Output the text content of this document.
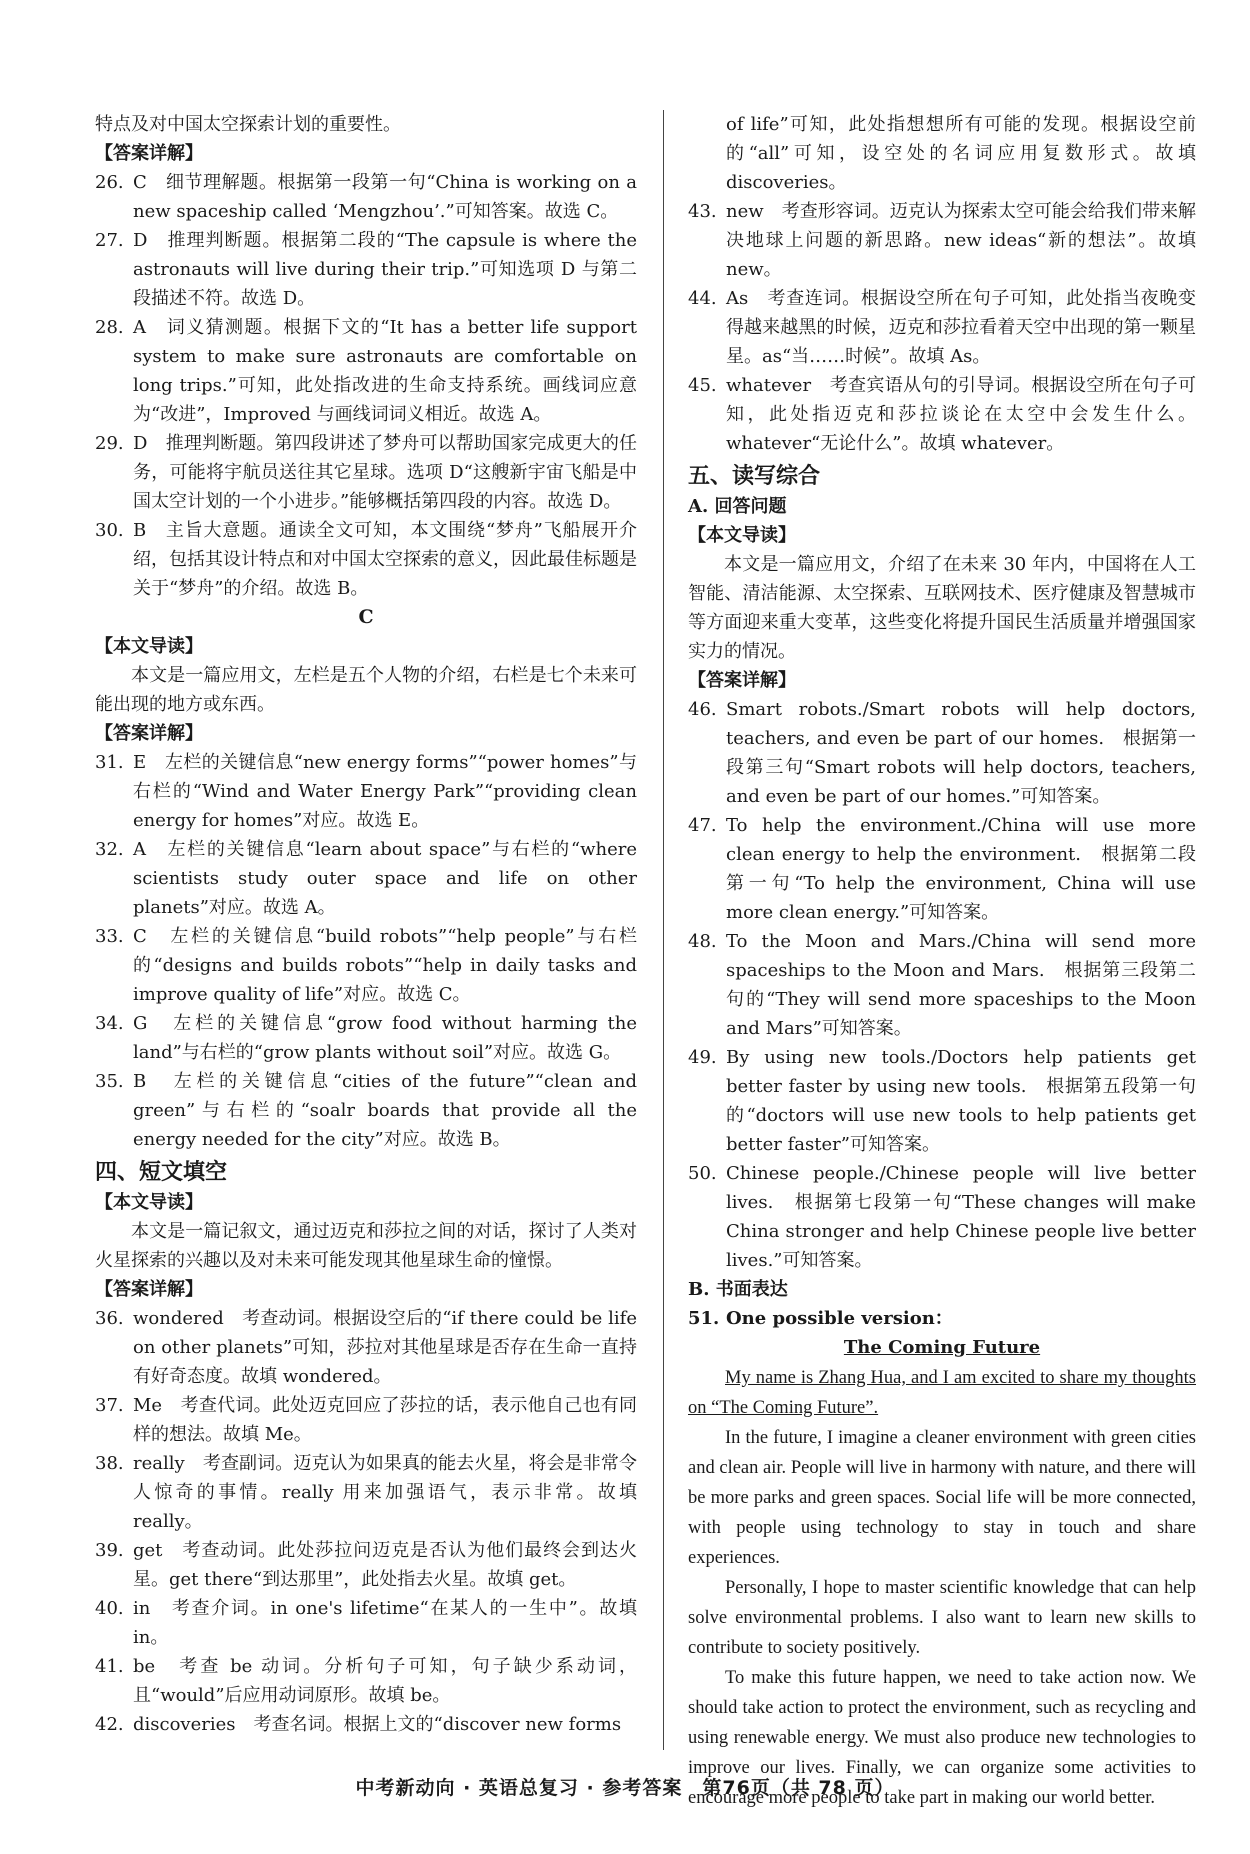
特点及对中国太空探索计划的重要性。

【答案详解】

26. C　细节理解题。根据第一段第一句“China is working on a new spaceship called ‘Mengzhou’.”可知答案。故选 C。
27. D　推理判断题。根据第二段的“The capsule is where the astronauts will live during their trip.”可知选项 D 与第二段描述不符。故选 D。
28. A　词义猜测题。根据下文的“It has a better life support system to make sure astronauts are comfortable on long trips.”可知，此处指改进的生命支持系统。画线词应意为“改进”，Improved 与画线词词义相近。故选 A。
29. D　推理判断题。第四段讲述了梦舟可以帮助国家完成更大的任务，可能将宇航员送往其它星球。选项 D“这艘新宇宙飞船是中国太空计划的一个小进步。”能够概括第四段的内容。故选 D。
30. B　主旨大意题。通读全文可知，本文围绕“梦舟”飞船展开介绍，包括其设计特点和对中国太空探索的意义，因此最佳标题是关于“梦舟”的介绍。故选 B。

C

【本文导读】

本文是一篇应用文，左栏是五个人物的介绍，右栏是七个未来可能出现的地方或东西。

【答案详解】

31. E　左栏的关键信息“new energy forms”“power homes”与右栏的“Wind and Water Energy Park”“providing clean energy for homes”对应。故选 E。
32. A　左栏的关键信息“learn about space”与右栏的“where scientists study outer space and life on other planets”对应。故选 A。
33. C　左栏的关键信息“build robots”“help people”与右栏的“designs and builds robots”“help in daily tasks and improve quality of life”对应。故选 C。
34. G　左栏的关键信息“grow food without harming the land”与右栏的“grow plants without soil”对应。故选 G。
35. B　左栏的关键信息“cities of the future”“clean and green”与右栏的“soalr boards that provide all the energy needed for the city”对应。故选 B。

四、短文填空

【本文导读】

本文是一篇记叙文，通过迈克和莎拉之间的对话，探讨了人类对火星探索的兴趣以及对未来可能发现其他星球生命的憧憬。

【答案详解】

36. wondered　考查动词。根据设空后的“if there could be life on other planets”可知，莎拉对其他星球是否存在生命一直持有好奇态度。故填 wondered。
37. Me　考查代词。此处迈克回应了莎拉的话，表示他自己也有同样的想法。故填 Me。
38. really　考查副词。迈克认为如果真的能去火星，将会是非常令人惊奇的事情。really 用来加强语气，表示非常。故填 really。
39. get　考查动词。此处莎拉问迈克是否认为他们最终会到达火星。get there“到达那里”，此处指去火星。故填 get。
40. in　考查介词。in one's lifetime“在某人的一生中”。故填 in。
41. be　考查 be 动词。分析句子可知，句子缺少系动词，且“would”后应用动词原形。故填 be。
42. discoveries　考查名词。根据上文的“discover new forms

of life”可知，此处指想想所有可能的发现。根据设空前的“all”可知，设空处的名词应用复数形式。故填 discoveries。

43. new　考查形容词。迈克认为探索太空可能会给我们带来解决地球上问题的新思路。new ideas“新的想法”。故填 new。
44. As　考查连词。根据设空所在句子可知，此处指当夜晚变得越来越黑的时候，迈克和莎拉看着天空中出现的第一颗星星。as“当……时候”。故填 As。
45. whatever　考查宾语从句的引导词。根据设空所在句子可知，此处指迈克和莎拉谈论在太空中会发生什么。whatever“无论什么”。故填 whatever。

五、读写综合

A. 回答问题

【本文导读】

本文是一篇应用文，介绍了在未来 30 年内，中国将在人工智能、清洁能源、太空探索、互联网技术、医疗健康及智慧城市等方面迎来重大变革，这些变化将提升国民生活质量并增强国家实力的情况。

【答案详解】

46. Smart robots./Smart robots will help doctors, teachers, and even be part of our homes.　根据第一段第三句“Smart robots will help doctors, teachers, and even be part of our homes.”可知答案。
47. To help the environment./China will use more clean energy to help the environment.　根据第二段第一句“To help the environment, China will use more clean energy.”可知答案。
48. To the Moon and Mars./China will send more spaceships to the Moon and Mars.　根据第三段第二句的“They will send more spaceships to the Moon and Mars”可知答案。
49. By using new tools./Doctors help patients get better faster by using new tools.　根据第五段第一句的“doctors will use new tools to help patients get better faster”可知答案。
50. Chinese people./Chinese people will live better lives.　根据第七段第一句“These changes will make China stronger and help Chinese people live better lives.”可知答案。

B. 书面表达

51. One possible version：

The Coming Future

My name is Zhang Hua, and I am excited to share my thoughts on “The Coming Future”.

In the future, I imagine a cleaner environment with green cities and clean air. People will live in harmony with nature, and there will be more parks and green spaces. Social life will be more connected, with people using technology to stay in touch and share experiences.

Personally, I hope to master scientific knowledge that can help solve environmental problems. I also want to learn new skills to contribute to society positively.

To make this future happen, we need to take action now. We should take action to protect the environment, such as recycling and using renewable energy. We must also produce new technologies to improve our lives. Finally, we can organize some activities to encourage more people to take part in making our world better.

中考新动向 · 英语总复习 · 参考答案　第76页（共 78 页）
